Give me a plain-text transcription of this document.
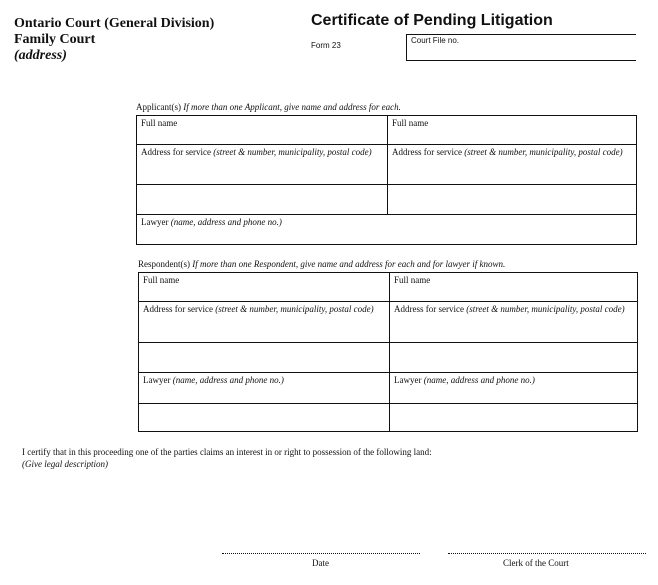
Ontario Court (General Division)
Family Court
(address)
Certificate of Pending Litigation
Form 23
Court File no.
Applicant(s) If more than one Applicant, give name and address for each.
Full name	Full name
Address for service (street & number, municipality, postal code)	Address for service (street & number, municipality, postal code)

Lawyer (name, address and phone no.)	
Respondent(s) If more than one Respondent, give name and address for each and for lawyer if known.
Full name	Full name
Address for service (street & number, municipality, postal code)	Address for service (street & number, municipality, postal code)

Lawyer (name, address and phone no.)	Lawyer (name, address and phone no.)

I certify that in this proceeding one of the parties claims an interest in or right to possession of the following land:
(Give legal description)
Date	Clerk of the Court
